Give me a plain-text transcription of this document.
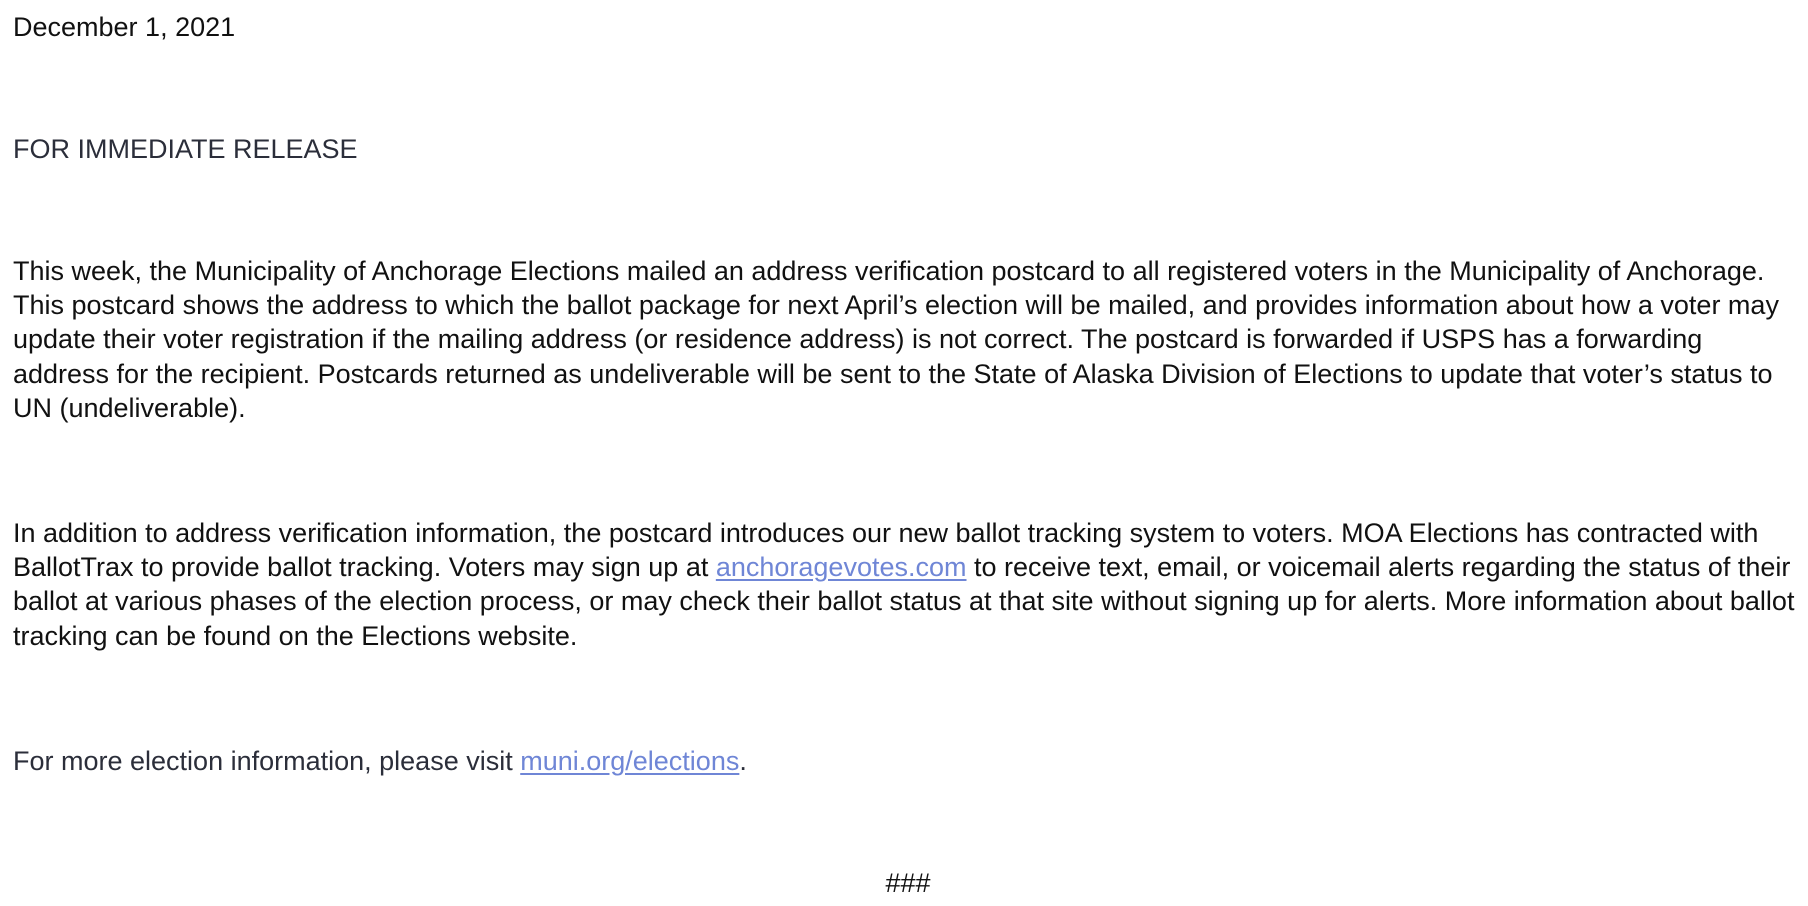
December 1, 2021
FOR IMMEDIATE RELEASE

This week, the Municipality of Anchorage Elections mailed an address verification postcard to all registered voters in the Municipality of Anchorage. This postcard shows the address to which the ballot package for next April’s election will be mailed, and provides information about how a voter may update their voter registration if the mailing address (or residence address) is not correct. The postcard is forwarded if USPS has a forwarding address for the recipient. Postcards returned as undeliverable will be sent to the State of Alaska Division of Elections to update that voter’s status to UN (undeliverable).

In addition to address verification information, the postcard introduces our new ballot tracking system to voters. MOA Elections has contracted with BallotTrax to provide ballot tracking. Voters may sign up at anchoragevotes.com to receive text, email, or voicemail alerts regarding the status of their ballot at various phases of the election process, or may check their ballot status at that site without signing up for alerts. More information about ballot tracking can be found on the Elections website.

For more election information, please visit muni.org/elections.
###
